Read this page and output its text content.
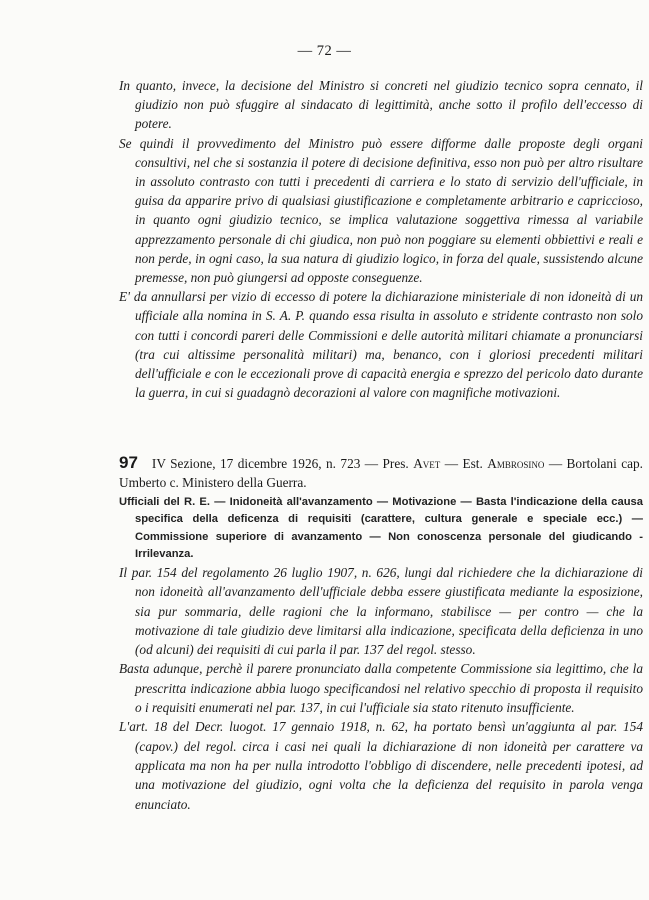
— 72 —

In quanto, invece, la decisione del Ministro si concreti nel giudizio tecnico sopra cennato, il giudizio non può sfuggire al sindacato di legittimità, anche sotto il profilo dell'eccesso di potere.

Se quindi il provvedimento del Ministro può essere difforme dalle proposte degli organi consultivi, nel che si sostanzia il potere di decisione definitiva, esso non può per altro risultare in assoluto contrasto con tutti i precedenti di carriera e lo stato di servizio dell'ufficiale, in guisa da apparire privo di qualsiasi giustificazione e completamente arbitrario e capriccioso, in quanto ogni giudizio tecnico, se implica valutazione soggettiva rimessa al variabile apprezzamento personale di chi giudica, non può non poggiare su elementi obbiettivi e reali e non perde, in ogni caso, la sua natura di giudizio logico, in forza del quale, sussistendo alcune premesse, non può giungersi ad opposte conseguenze.

E' da annullarsi per vizio di eccesso di potere la dichiarazione ministeriale di non idoneità di un ufficiale alla nomina in S. A. P. quando essa risulta in assoluto e stridente contrasto non solo con tutti i concordi pareri delle Commissioni e delle autorità militari chiamate a pronunciarsi (tra cui altissime personalità militari) ma, benanco, con i gloriosi precedenti militari dell'ufficiale e con le eccezionali prove di capacità energia e sprezzo del pericolo dato durante la guerra, in cui si guadagnò decorazioni al valore con magnifiche motivazioni.

97 IV Sezione, 17 dicembre 1926, n. 723 — Pres. Avet — Est. Ambrosino — Bortolani cap. Umberto c. Ministero della Guerra.
Ufficiali del R. E. — Inidoneità all'avanzamento — Motivazione — Basta l'indicazione della causa specifica della deficenza di requisiti (carattere, cultura generale e speciale ecc.) — Commissione superiore di avanzamento — Non conoscenza personale del giudicando - Irrilevanza.

Il par. 154 del regolamento 26 luglio 1907, n. 626, lungi dal richiedere che la dichiarazione di non idoneità all'avanzamento dell'ufficiale debba essere giustificata mediante la esposizione, sia pur sommaria, delle ragioni che la informano, stabilisce — per contro — che la motivazione di tale giudizio deve limitarsi alla indicazione, specificata della deficienza in uno (od alcuni) dei requisiti di cui parla il par. 137 del regol. stesso.

Basta adunque, perchè il parere pronunciato dalla competente Commissione sia legittimo, che la prescritta indicazione abbia luogo specificandosi nel relativo specchio di proposta il requisito o i requisiti enumerati nel par. 137, in cui l'ufficiale sia stato ritenuto insufficiente.

L'art. 18 del Decr. luogot. 17 gennaio 1918, n. 62, ha portato bensì un'aggiunta al par. 154 (capov.) del regol. circa i casi nei quali la dichiarazione di non idoneità per carattere va applicata ma non ha per nulla introdotto l'obbligo di discendere, nelle precedenti ipotesi, ad una motivazione del giudizio, ogni volta che la deficienza del requisito in parola venga enunciato.
